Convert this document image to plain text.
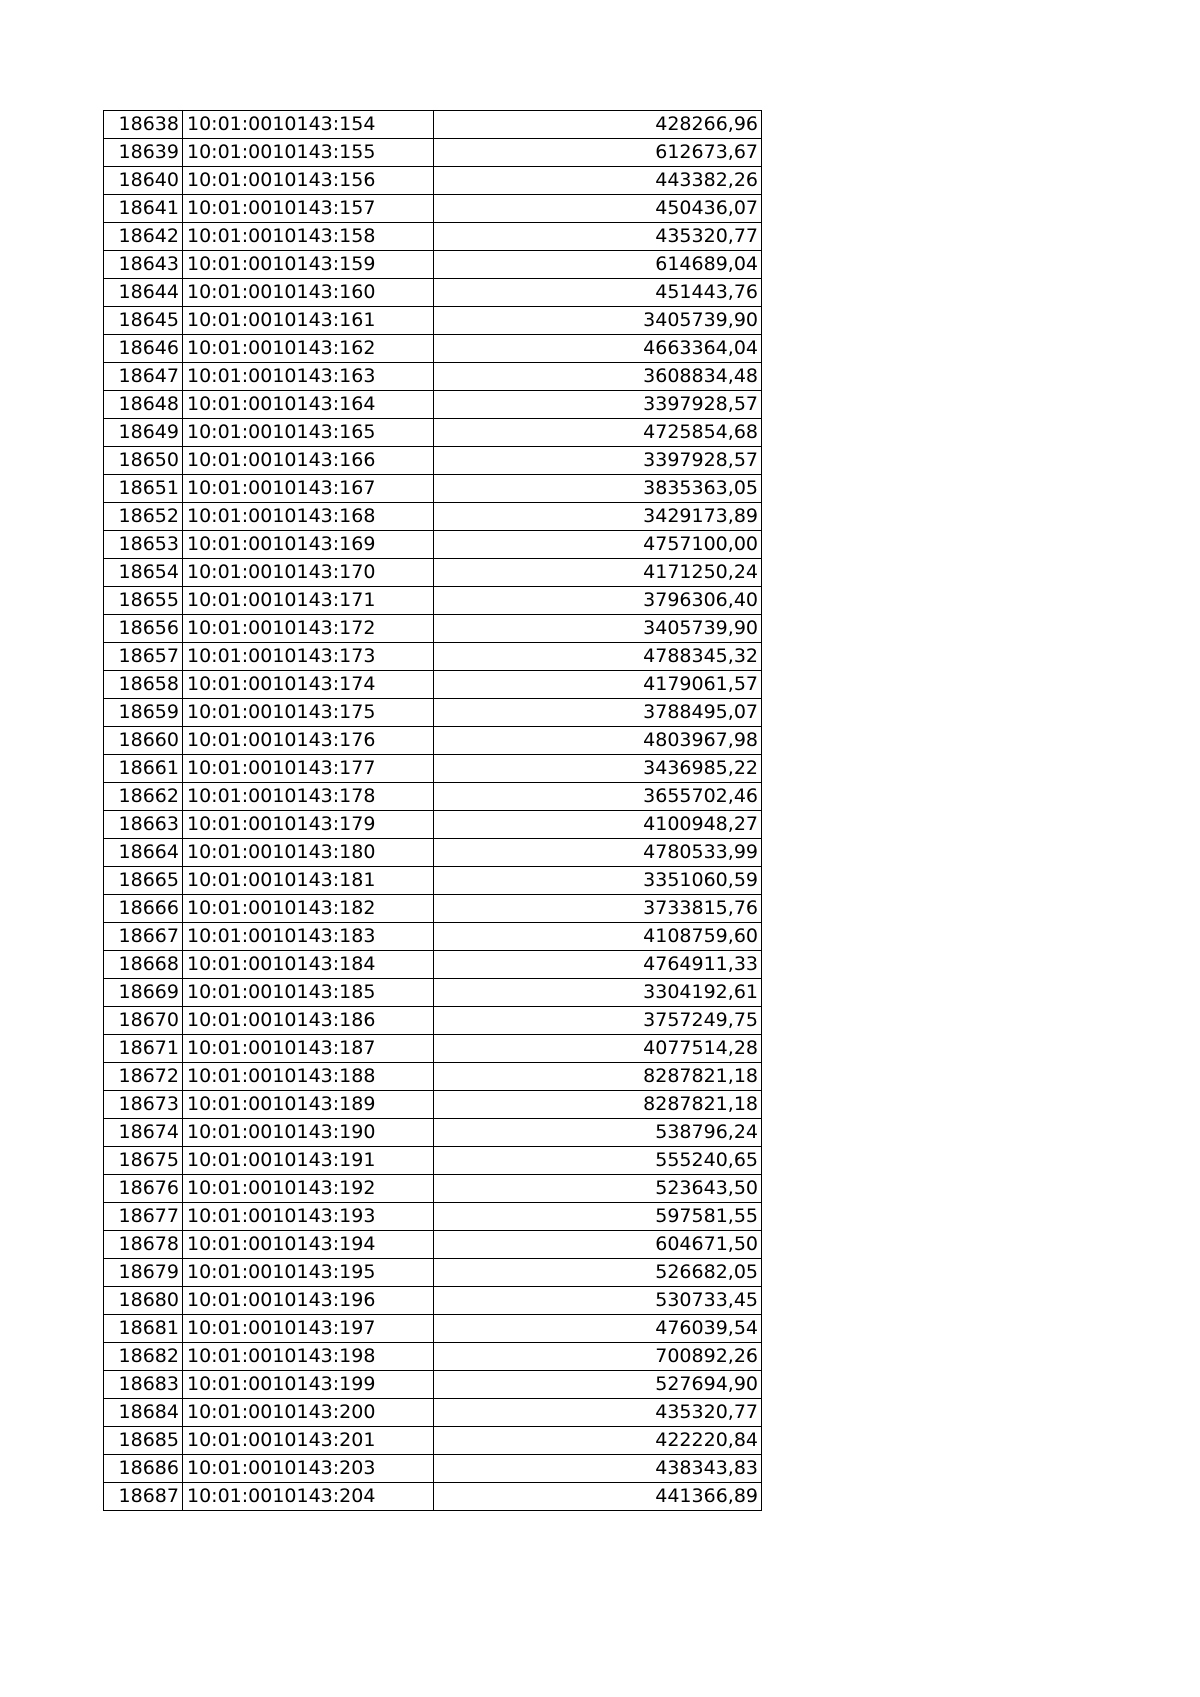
18638	10:01:0010143:154	428266,96
18639	10:01:0010143:155	612673,67
18640	10:01:0010143:156	443382,26
18641	10:01:0010143:157	450436,07
18642	10:01:0010143:158	435320,77
18643	10:01:0010143:159	614689,04
18644	10:01:0010143:160	451443,76
18645	10:01:0010143:161	3405739,90
18646	10:01:0010143:162	4663364,04
18647	10:01:0010143:163	3608834,48
18648	10:01:0010143:164	3397928,57
18649	10:01:0010143:165	4725854,68
18650	10:01:0010143:166	3397928,57
18651	10:01:0010143:167	3835363,05
18652	10:01:0010143:168	3429173,89
18653	10:01:0010143:169	4757100,00
18654	10:01:0010143:170	4171250,24
18655	10:01:0010143:171	3796306,40
18656	10:01:0010143:172	3405739,90
18657	10:01:0010143:173	4788345,32
18658	10:01:0010143:174	4179061,57
18659	10:01:0010143:175	3788495,07
18660	10:01:0010143:176	4803967,98
18661	10:01:0010143:177	3436985,22
18662	10:01:0010143:178	3655702,46
18663	10:01:0010143:179	4100948,27
18664	10:01:0010143:180	4780533,99
18665	10:01:0010143:181	3351060,59
18666	10:01:0010143:182	3733815,76
18667	10:01:0010143:183	4108759,60
18668	10:01:0010143:184	4764911,33
18669	10:01:0010143:185	3304192,61
18670	10:01:0010143:186	3757249,75
18671	10:01:0010143:187	4077514,28
18672	10:01:0010143:188	8287821,18
18673	10:01:0010143:189	8287821,18
18674	10:01:0010143:190	538796,24
18675	10:01:0010143:191	555240,65
18676	10:01:0010143:192	523643,50
18677	10:01:0010143:193	597581,55
18678	10:01:0010143:194	604671,50
18679	10:01:0010143:195	526682,05
18680	10:01:0010143:196	530733,45
18681	10:01:0010143:197	476039,54
18682	10:01:0010143:198	700892,26
18683	10:01:0010143:199	527694,90
18684	10:01:0010143:200	435320,77
18685	10:01:0010143:201	422220,84
18686	10:01:0010143:203	438343,83
18687	10:01:0010143:204	441366,89
